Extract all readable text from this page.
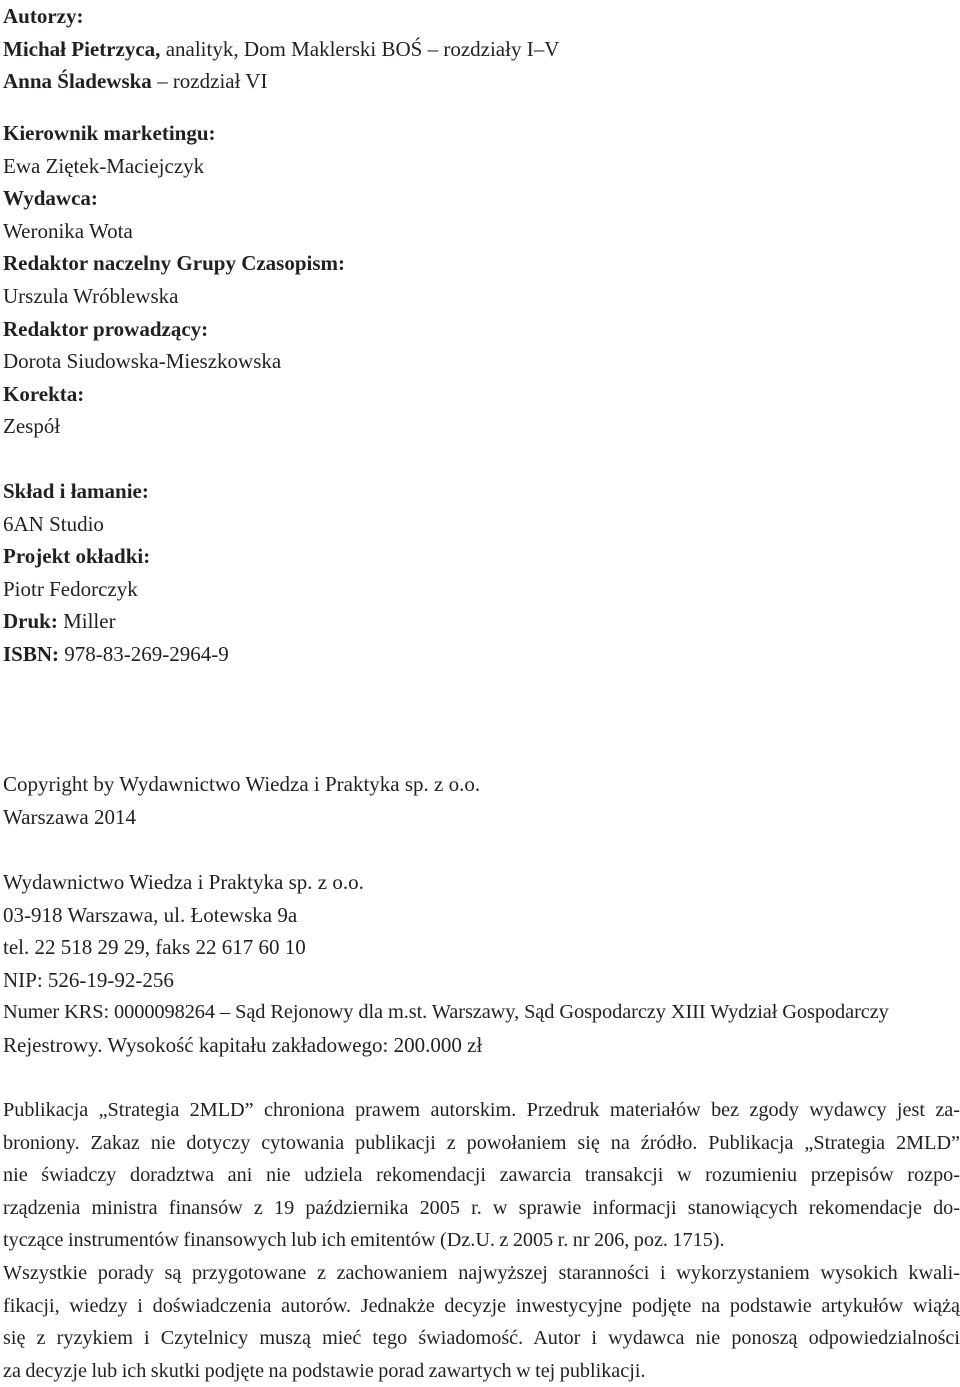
Autorzy:
Michał Pietrzyca, analityk, Dom Maklerski BOŚ – rozdziały I–V
Anna Śladewska – rozdział VI
Kierownik marketingu:
Ewa Ziętek-Maciejczyk
Wydawca:
Weronika Wota
Redaktor naczelny Grupy Czasopism:
Urszula Wróblewska
Redaktor prowadzący:
Dorota Siudowska-Mieszkowska
Korekta:
Zespół
Skład i łamanie:
6AN Studio
Projekt okładki:
Piotr Fedorczyk
Druk: Miller
ISBN: 978-83-269-2964-9
Copyright by Wydawnictwo Wiedza i Praktyka sp. z o.o.
Warszawa 2014
Wydawnictwo Wiedza i Praktyka sp. z o.o.
03-918 Warszawa, ul. Łotewska 9a
tel. 22 518 29 29, faks 22 617 60 10
NIP: 526-19-92-256
Numer KRS: 0000098264 – Sąd Rejonowy dla m.st. Warszawy, Sąd Gospodarczy XIII Wydział Gospodarczy
Rejestrowy. Wysokość kapitału zakładowego: 200.000 zł
Publikacja „Strategia 2MLD” chroniona prawem autorskim. Przedruk materiałów bez zgody wydawcy jest za-
broniony. Zakaz nie dotyczy cytowania publikacji z powołaniem się na źródło. Publikacja „Strategia 2MLD”
nie świadczy doradztwa ani nie udziela rekomendacji zawarcia transakcji w rozumieniu przepisów rozpo-
rządzenia ministra finansów z 19 października 2005 r. w sprawie informacji stanowiących rekomendacje do-
tyczące instrumentów finansowych lub ich emitentów (Dz.U. z 2005 r. nr 206, poz. 1715).
Wszystkie porady są przygotowane z zachowaniem najwyższej staranności i wykorzystaniem wysokich kwali-
fikacji, wiedzy i doświadczenia autorów. Jednakże decyzje inwestycyjne podjęte na podstawie artykułów wiążą
się z ryzykiem i Czytelnicy muszą mieć tego świadomość. Autor i wydawca nie ponoszą odpowiedzialności
za decyzje lub ich skutki podjęte na podstawie porad zawartych w tej publikacji.
